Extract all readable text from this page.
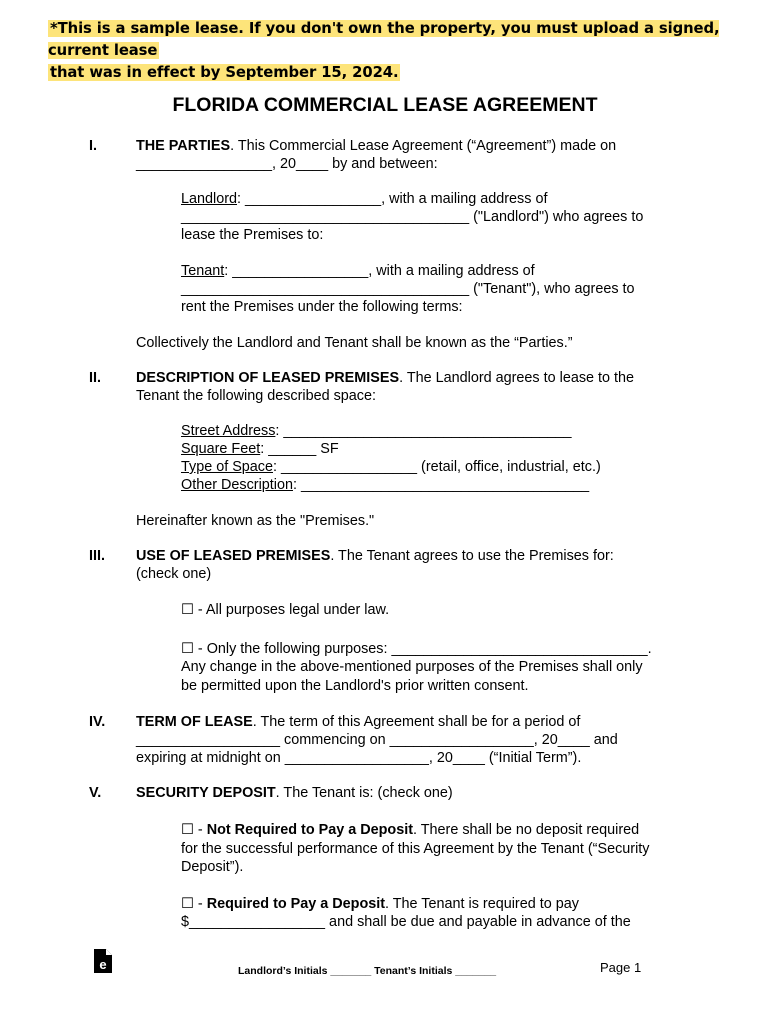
*This is a sample lease. If you don't own the property, you must upload a signed, current lease
that was in effect by September 15, 2024.
FLORIDA COMMERCIAL LEASE AGREEMENT
I.	THE PARTIES. This Commercial Lease Agreement (“Agreement”) made on
_________________, 20____ by and between:
Landlord: _________________, with a mailing address of
____________________________________ ("Landlord") who agrees to
lease the Premises to:
Tenant: _________________, with a mailing address of
____________________________________ ("Tenant"), who agrees to
rent the Premises under the following terms:
Collectively the Landlord and Tenant shall be known as the “Parties.”
II. DESCRIPTION OF LEASED PREMISES. The Landlord agrees to lease to the
Tenant the following described space:
Street Address: ____________________________________
Square Feet: ______ SF
Type of Space: _________________ (retail, office, industrial, etc.)
Other Description: ____________________________________
Hereinafter known as the "Premises."
III. USE OF LEASED PREMISES. The Tenant agrees to use the Premises for:
(check one)
☐ - All purposes legal under law.
☐ - Only the following purposes: ________________________________.
Any change in the above-mentioned purposes of the Premises shall only
be permitted upon the Landlord's prior written consent.
IV. TERM OF LEASE. The term of this Agreement shall be for a period of
__________________ commencing on __________________, 20____ and
expiring at midnight on __________________, 20____ (“Initial Term”).
V. SECURITY DEPOSIT. The Tenant is: (check one)
☐ - Not Required to Pay a Deposit. There shall be no deposit required
for the successful performance of this Agreement by the Tenant (“Security
Deposit”).
☐ - Required to Pay a Deposit. The Tenant is required to pay
$_________________ and shall be due and payable in advance of the
e	Landlord’s Initials _______ Tenant’s Initials _______	Page 1
